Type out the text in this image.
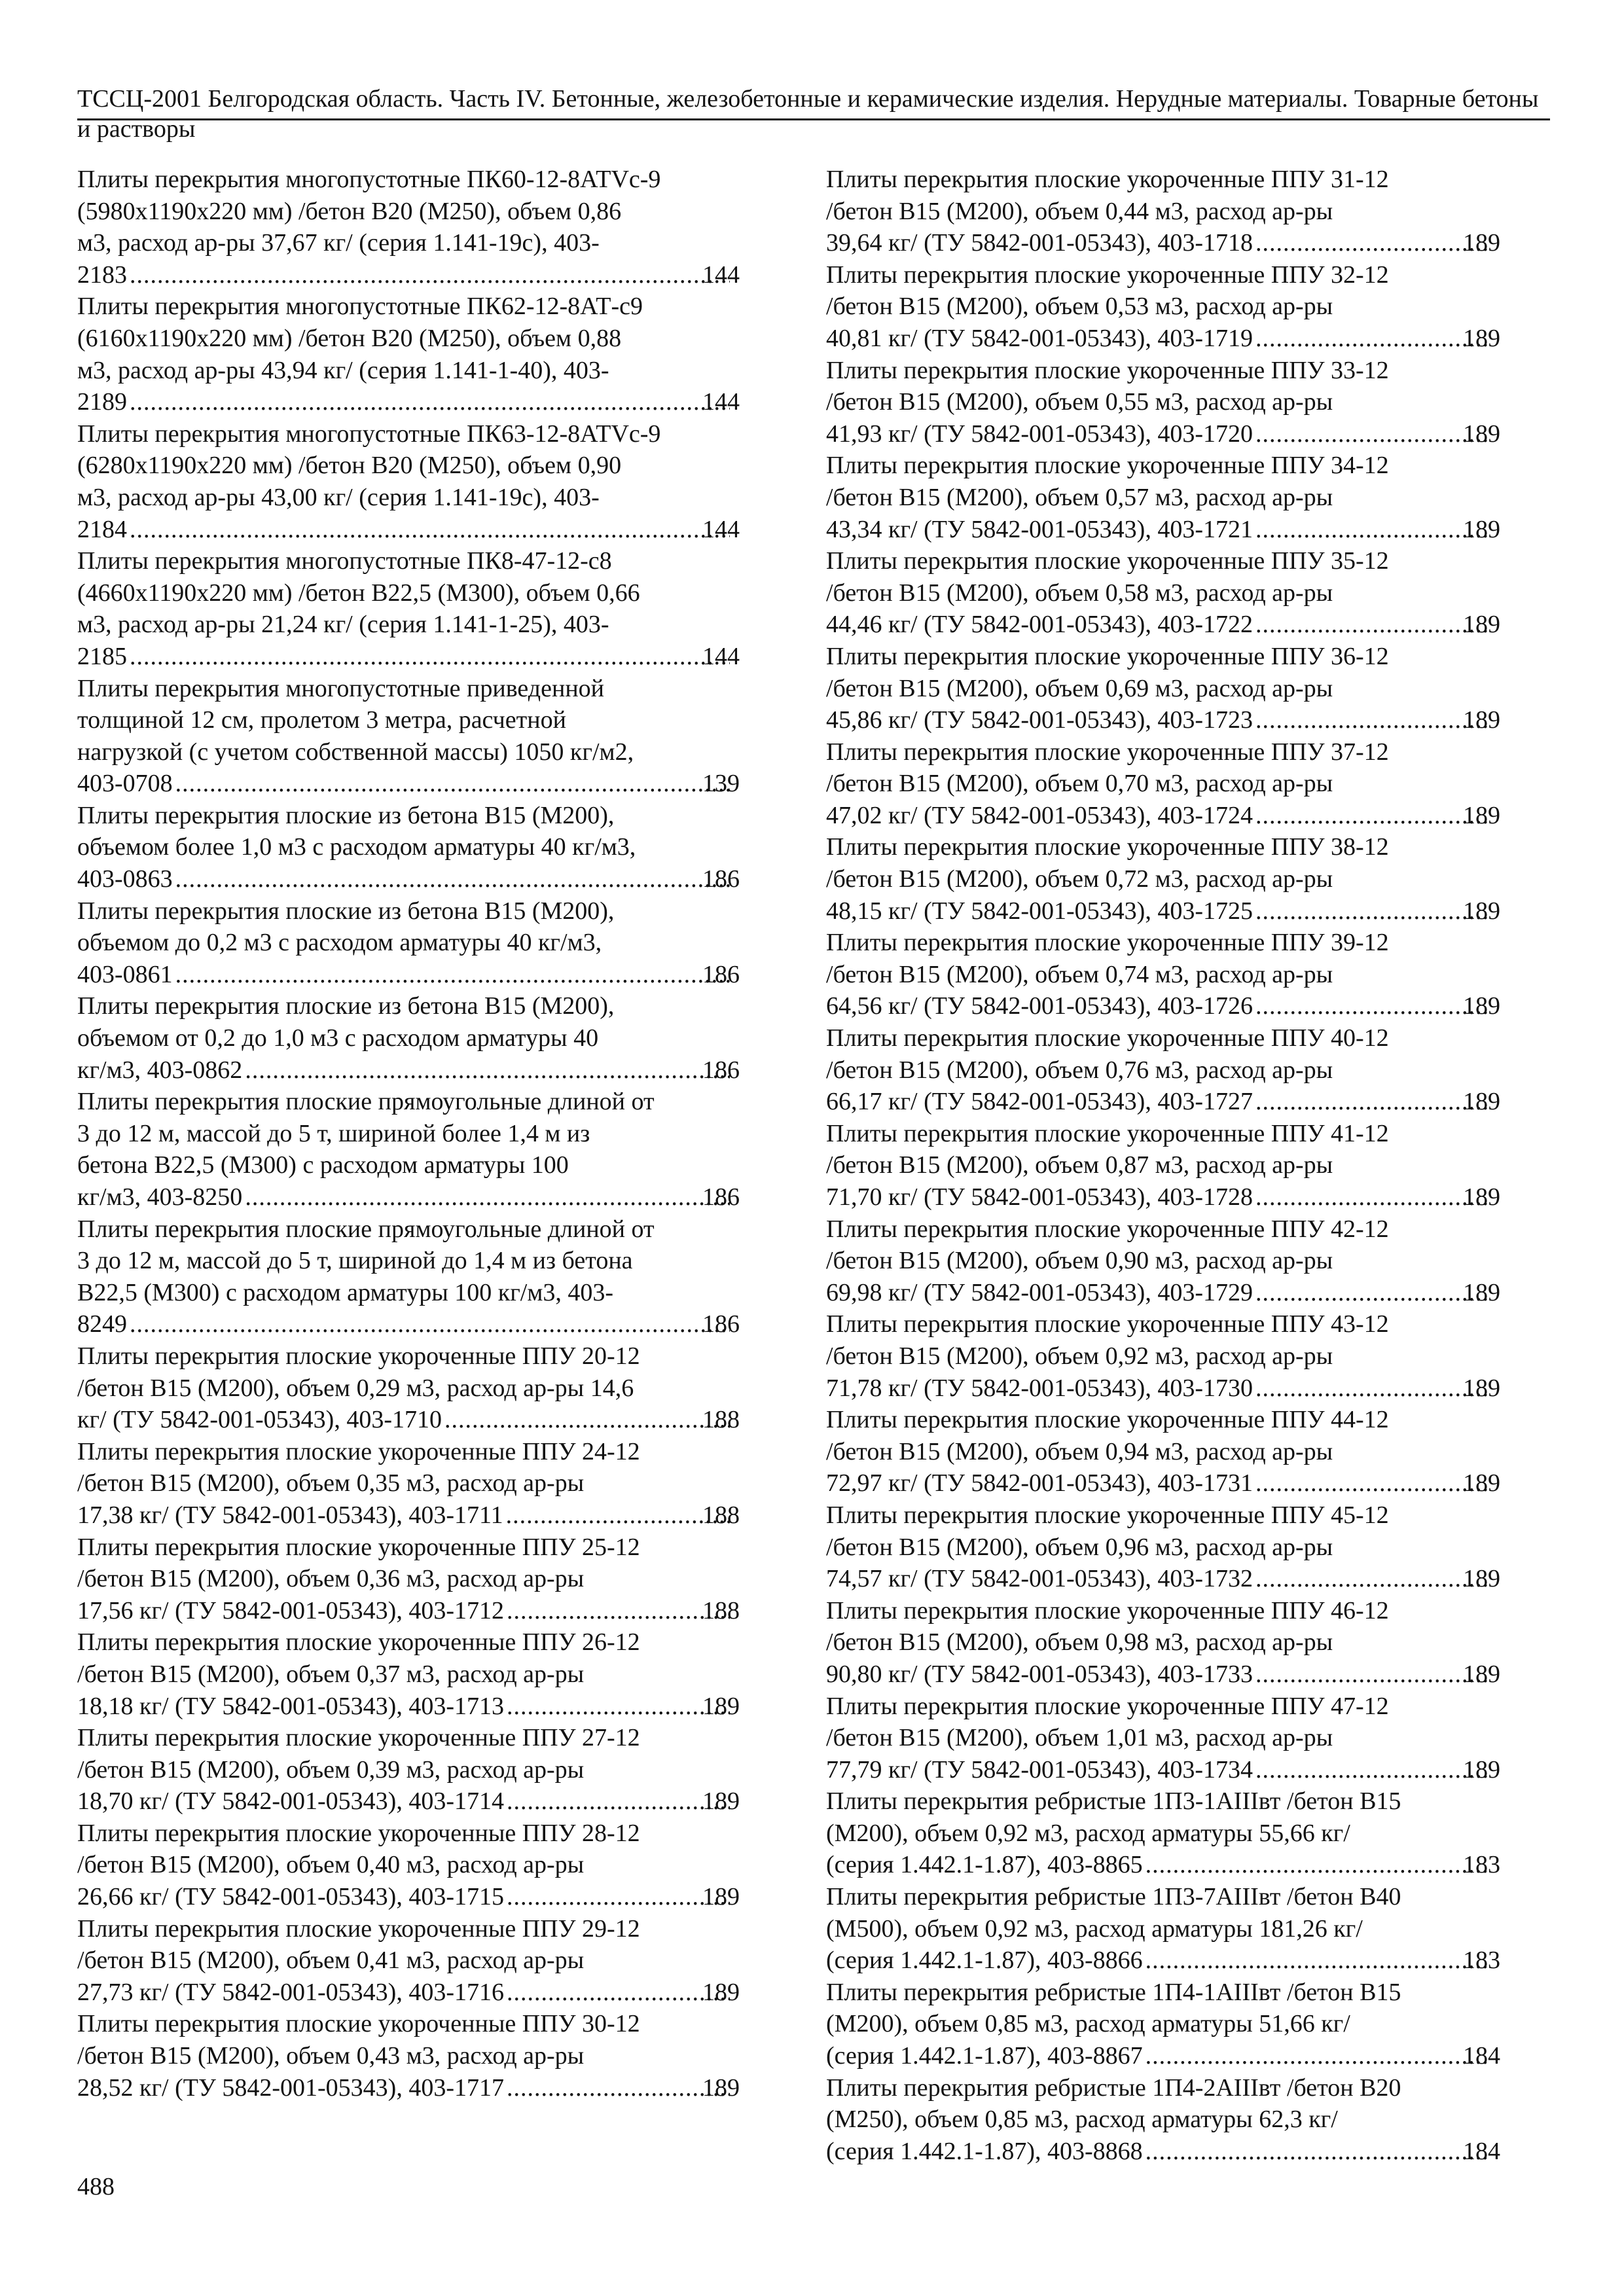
ТССЦ-2001 Белгородская область. Часть IV. Бетонные, железобетонные и керамические изделия. Нерудные материалы. Товарные бетоны и растворы
Плиты перекрытия многопустотные ПК60-12-8АТVс-9
(5980х1190х220 мм) /бетон В20 (М250), объем 0,86
м3, расход ар-ры 37,67 кг/ (серия 1.141-19с), 403-
2183 .....	144
Плиты перекрытия многопустотные ПК62-12-8АТ-с9
(6160х1190х220 мм) /бетон В20 (М250), объем 0,88
м3, расход ар-ры 43,94 кг/ (серия 1.141-1-40), 403-
2189 .....	144
Плиты перекрытия многопустотные ПК63-12-8АТVс-9
(6280х1190х220 мм) /бетон В20 (М250), объем 0,90
м3, расход ар-ры 43,00 кг/ (серия 1.141-19с), 403-
2184 .....	144
Плиты перекрытия многопустотные ПК8-47-12-с8
(4660х1190х220 мм) /бетон В22,5 (М300), объем 0,66
м3, расход ар-ры 21,24 кг/ (серия 1.141-1-25), 403-
2185 .....	144
Плиты перекрытия многопустотные приведенной
толщиной 12 см, пролетом 3 метра, расчетной
нагрузкой (с учетом собственной массы) 1050 кг/м2,
403-0708 .....	139
Плиты перекрытия плоские из бетона В15 (М200),
объемом более 1,0 м3 с расходом арматуры 40 кг/м3,
403-0863 .....	186
Плиты перекрытия плоские из бетона В15 (М200),
объемом до 0,2 м3 с расходом арматуры 40 кг/м3,
403-0861 .....	186
Плиты перекрытия плоские из бетона В15 (М200),
объемом от 0,2 до 1,0 м3 с расходом арматуры 40
кг/м3, 403-0862 .....	186
Плиты перекрытия плоские прямоугольные длиной от
3 до 12 м, массой до 5 т, шириной более 1,4 м из
бетона В22,5 (М300) с расходом арматуры 100
кг/м3, 403-8250 .....	186
Плиты перекрытия плоские прямоугольные длиной от
3 до 12 м, массой до 5 т, шириной до 1,4 м из бетона
В22,5 (М300) с расходом арматуры 100 кг/м3, 403-
8249 .....	186
Плиты перекрытия плоские укороченные ППУ 20-12
/бетон В15 (М200), объем 0,29 м3, расход ар-ры 14,6
кг/ (ТУ 5842-001-05343), 403-1710 .....	188
Плиты перекрытия плоские укороченные ППУ 24-12
/бетон В15 (М200), объем 0,35 м3, расход ар-ры
17,38 кг/ (ТУ 5842-001-05343), 403-1711 .....	188
Плиты перекрытия плоские укороченные ППУ 25-12
/бетон В15 (М200), объем 0,36 м3, расход ар-ры
17,56 кг/ (ТУ 5842-001-05343), 403-1712 .....	188
Плиты перекрытия плоские укороченные ППУ 26-12
/бетон В15 (М200), объем 0,37 м3, расход ар-ры
18,18 кг/ (ТУ 5842-001-05343), 403-1713 .....	189
Плиты перекрытия плоские укороченные ППУ 27-12
/бетон В15 (М200), объем 0,39 м3, расход ар-ры
18,70 кг/ (ТУ 5842-001-05343), 403-1714 .....	189
Плиты перекрытия плоские укороченные ППУ 28-12
/бетон В15 (М200), объем 0,40 м3, расход ар-ры
26,66 кг/ (ТУ 5842-001-05343), 403-1715 .....	189
Плиты перекрытия плоские укороченные ППУ 29-12
/бетон В15 (М200), объем 0,41 м3, расход ар-ры
27,73 кг/ (ТУ 5842-001-05343), 403-1716 .....	189
Плиты перекрытия плоские укороченные ППУ 30-12
/бетон В15 (М200), объем 0,43 м3, расход ар-ры
28,52 кг/ (ТУ 5842-001-05343), 403-1717 .....	189
Плиты перекрытия плоские укороченные ППУ 31-12
/бетон В15 (М200), объем 0,44 м3, расход ар-ры
39,64 кг/ (ТУ 5842-001-05343), 403-1718 .....	189
Плиты перекрытия плоские укороченные ППУ 32-12
/бетон В15 (М200), объем 0,53 м3, расход ар-ры
40,81 кг/ (ТУ 5842-001-05343), 403-1719 .....	189
Плиты перекрытия плоские укороченные ППУ 33-12
/бетон В15 (М200), объем 0,55 м3, расход ар-ры
41,93 кг/ (ТУ 5842-001-05343), 403-1720 .....	189
Плиты перекрытия плоские укороченные ППУ 34-12
/бетон В15 (М200), объем 0,57 м3, расход ар-ры
43,34 кг/ (ТУ 5842-001-05343), 403-1721 .....	189
Плиты перекрытия плоские укороченные ППУ 35-12
/бетон В15 (М200), объем 0,58 м3, расход ар-ры
44,46 кг/ (ТУ 5842-001-05343), 403-1722 .....	189
Плиты перекрытия плоские укороченные ППУ 36-12
/бетон В15 (М200), объем 0,69 м3, расход ар-ры
45,86 кг/ (ТУ 5842-001-05343), 403-1723 .....	189
Плиты перекрытия плоские укороченные ППУ 37-12
/бетон В15 (М200), объем 0,70 м3, расход ар-ры
47,02 кг/ (ТУ 5842-001-05343), 403-1724 .....	189
Плиты перекрытия плоские укороченные ППУ 38-12
/бетон В15 (М200), объем 0,72 м3, расход ар-ры
48,15 кг/ (ТУ 5842-001-05343), 403-1725 .....	189
Плиты перекрытия плоские укороченные ППУ 39-12
/бетон В15 (М200), объем 0,74 м3, расход ар-ры
64,56 кг/ (ТУ 5842-001-05343), 403-1726 .....	189
Плиты перекрытия плоские укороченные ППУ 40-12
/бетон В15 (М200), объем 0,76 м3, расход ар-ры
66,17 кг/ (ТУ 5842-001-05343), 403-1727 .....	189
Плиты перекрытия плоские укороченные ППУ 41-12
/бетон В15 (М200), объем 0,87 м3, расход ар-ры
71,70 кг/ (ТУ 5842-001-05343), 403-1728 .....	189
Плиты перекрытия плоские укороченные ППУ 42-12
/бетон В15 (М200), объем 0,90 м3, расход ар-ры
69,98 кг/ (ТУ 5842-001-05343), 403-1729 .....	189
Плиты перекрытия плоские укороченные ППУ 43-12
/бетон В15 (М200), объем 0,92 м3, расход ар-ры
71,78 кг/ (ТУ 5842-001-05343), 403-1730 .....	189
Плиты перекрытия плоские укороченные ППУ 44-12
/бетон В15 (М200), объем 0,94 м3, расход ар-ры
72,97 кг/ (ТУ 5842-001-05343), 403-1731 .....	189
Плиты перекрытия плоские укороченные ППУ 45-12
/бетон В15 (М200), объем 0,96 м3, расход ар-ры
74,57 кг/ (ТУ 5842-001-05343), 403-1732 .....	189
Плиты перекрытия плоские укороченные ППУ 46-12
/бетон В15 (М200), объем 0,98 м3, расход ар-ры
90,80 кг/ (ТУ 5842-001-05343), 403-1733 .....	189
Плиты перекрытия плоские укороченные ППУ 47-12
/бетон В15 (М200), объем 1,01 м3, расход ар-ры
77,79 кг/ (ТУ 5842-001-05343), 403-1734 .....	189
Плиты перекрытия ребристые 1П3-1АIIIвт /бетон В15
(М200), объем 0,92 м3, расход арматуры 55,66 кг/
(серия 1.442.1-1.87), 403-8865 .....	183
Плиты перекрытия ребристые 1П3-7АIIIвт /бетон В40
(М500), объем 0,92 м3, расход арматуры 181,26 кг/
(серия 1.442.1-1.87), 403-8866 .....	183
Плиты перекрытия ребристые 1П4-1АIIIвт /бетон В15
(М200), объем 0,85 м3, расход арматуры 51,66 кг/
(серия 1.442.1-1.87), 403-8867 .....	184
Плиты перекрытия ребристые 1П4-2АIIIвт /бетон В20
(М250), объем 0,85 м3, расход арматуры 62,3 кг/
(серия 1.442.1-1.87), 403-8868 .....	184
488
